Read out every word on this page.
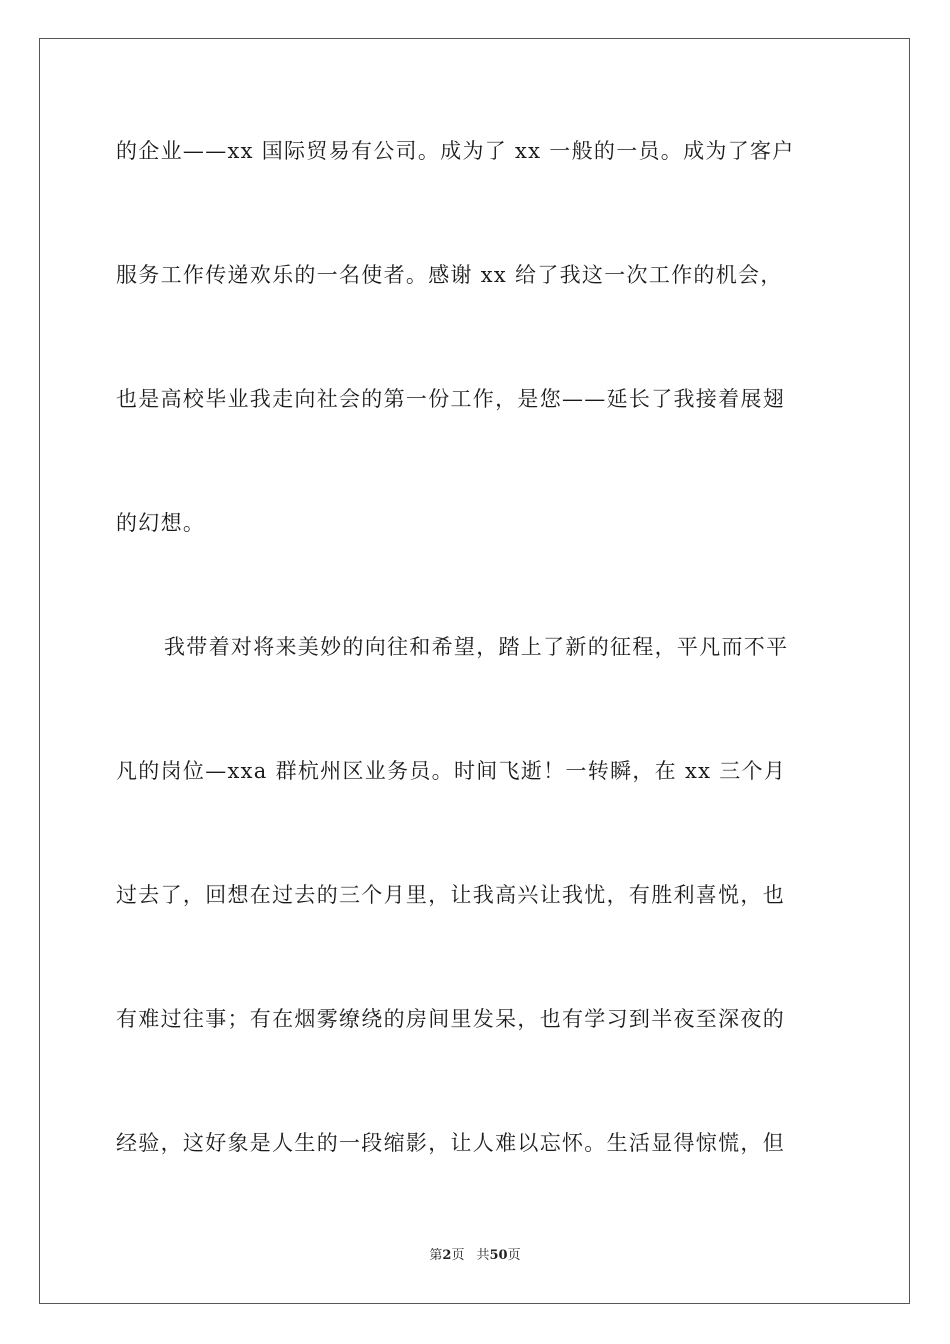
的企业——xx 国际贸易有公司。成为了 xx 一般的一员。成为了客户
服务工作传递欢乐的一名使者。感谢 xx 给了我这一次工作的机会，
也是高校毕业我走向社会的第一份工作，是您——延长了我接着展翅
的幻想。
我带着对将来美妙的向往和希望，踏上了新的征程，平凡而不平
凡的岗位—xxa 群杭州区业务员。时间飞逝！一转瞬，在 xx 三个月
过去了，回想在过去的三个月里，让我高兴让我忧，有胜利喜悦，也
有难过往事；有在烟雾缭绕的房间里发呆，也有学习到半夜至深夜的
经验，这好象是人生的一段缩影，让人难以忘怀。生活显得惊慌，但
第2页 共50页
